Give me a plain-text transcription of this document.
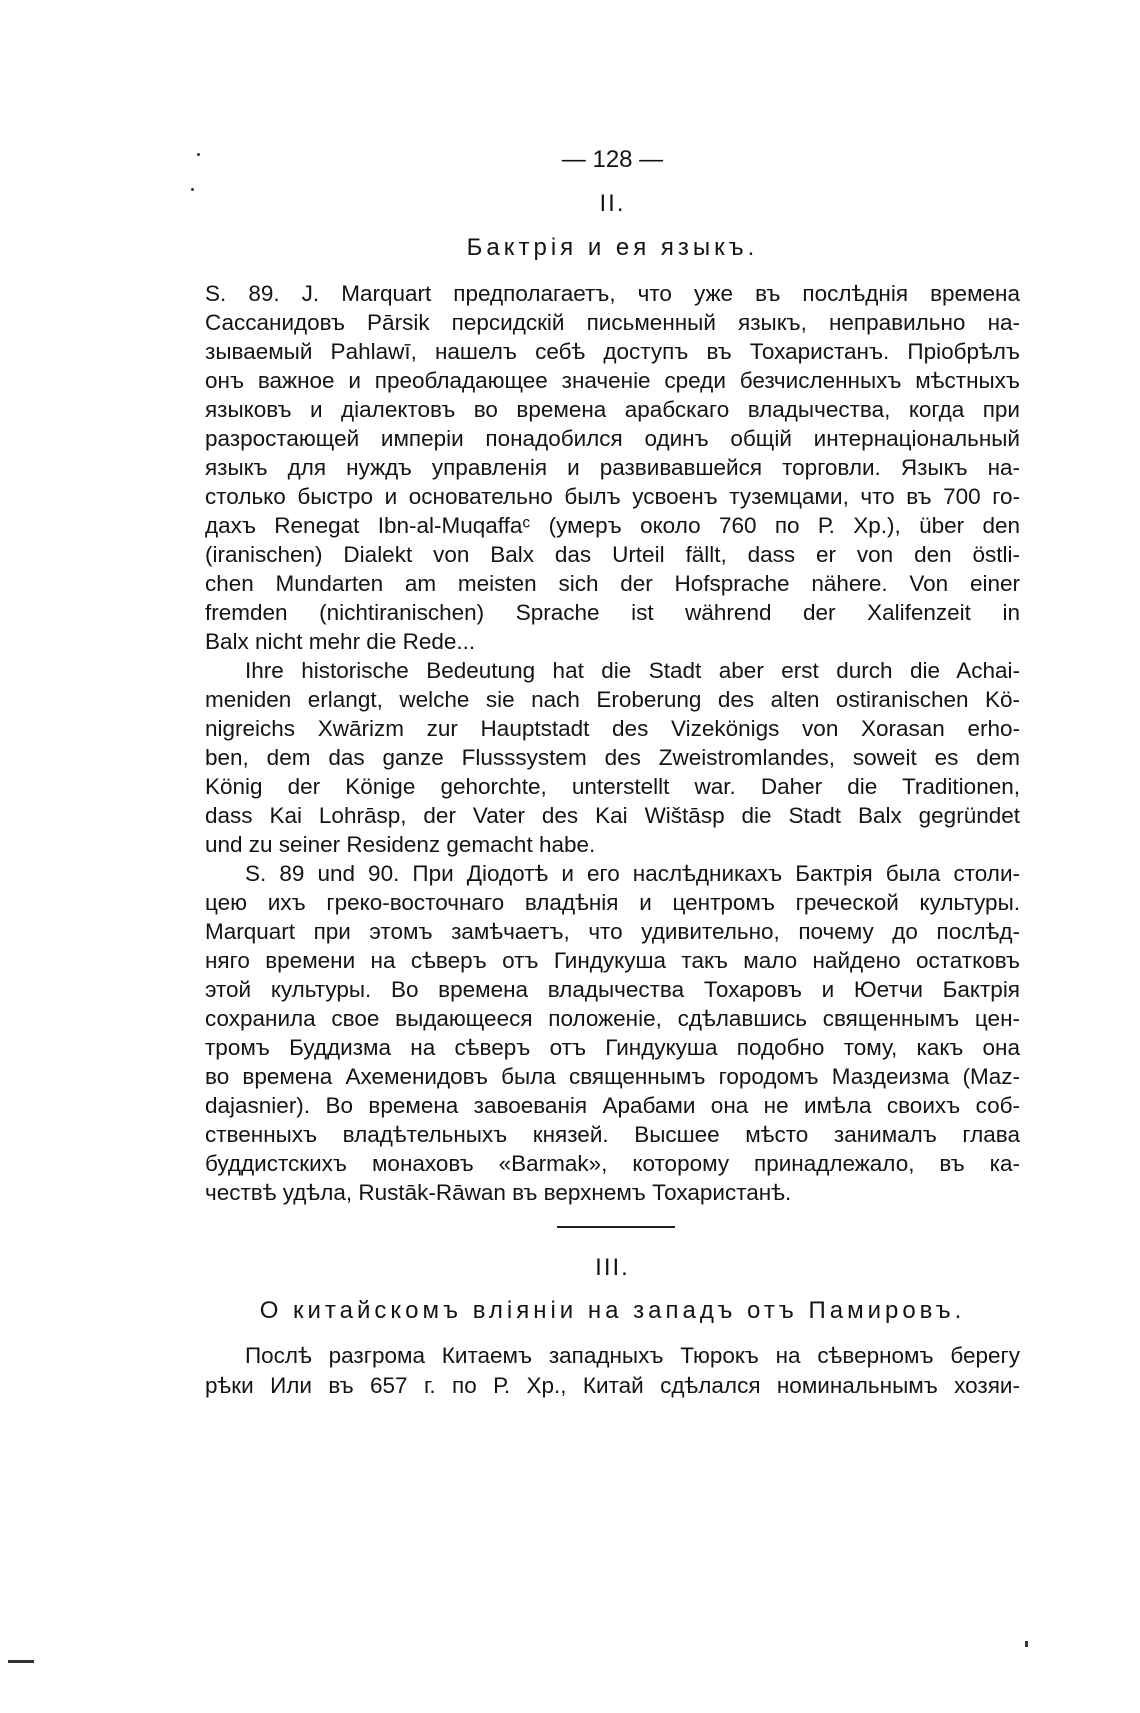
— 128 —
II.
Бактрія и ея языкъ.
S. 89. J. Marquart предполагаетъ, что уже въ послѣднія времена
Сассанидовъ Pārsik персидскій письменный языкъ, неправильно на-
зываемый Pahlawī, нашелъ себѣ доступъ въ Тохаристанъ. Пріобрѣлъ
онъ важное и преобладающее значеніе среди безчисленныхъ мѣстныхъ
языковъ и діалектовъ во времена арабскаго владычества, когда при
разростающей имперіи понадобился одинъ общій интернаціональный
языкъ для нуждъ управленія и развивавшейся торговли. Языкъ на-
столько быстро и основательно былъ усвоенъ туземцами, что въ 700 го-
дахъ Renegat Ibn-al-Muqaffaᶜ (умеръ около 760 по Р. Хр.), über den
(iranischen) Dialekt von Balx das Urteil fällt, dass er von den östli-
chen Mundarten am meisten sich der Hofsprache nähere. Von einer
fremden (nichtiranischen) Sprache ist während der Xalifenzeit in
Balx nicht mehr die Rede...
Ihre historische Bedeutung hat die Stadt aber erst durch die Achai-
meniden erlangt, welche sie nach Eroberung des alten ostiranischen Kö-
nigreichs Xwārizm zur Hauptstadt des Vizekönigs von Xorasan erho-
ben, dem das ganze Flusssystem des Zweistromlandes, soweit es dem
König der Könige gehorchte, unterstellt war. Daher die Traditionen,
dass Kai Lohrāsp, der Vater des Kai Wištāsp die Stadt Balx gegründet
und zu seiner Residenz gemacht habe.
S. 89 und 90. При Діодотѣ и его наслѣдникахъ Бактрія была столи-
цею ихъ греко-восточнаго владѣнія и центромъ греческой культуры.
Marquart при этомъ замѣчаетъ, что удивительно, почему до послѣд-
няго времени на сѣверъ отъ Гиндукуша такъ мало найдено остатковъ
этой культуры. Во времена владычества Тохаровъ и Юетчи Бактрія
сохранила свое выдающееся положеніе, сдѣлавшись священнымъ цен-
тромъ Буддизма на сѣверъ отъ Гиндукуша подобно тому, какъ она
во времена Ахеменидовъ была священнымъ городомъ Маздеизма (Maz-
dajasnier). Во времена завоеванія Арабами она не имѣла своихъ соб-
ственныхъ владѣтельныхъ князей. Высшее мѣсто занималъ глава
буддистскихъ монаховъ «Barmak», которому принадлежало, въ ка-
чествѣ удѣла, Rustāk-Rāwan въ верхнемъ Тохаристанѣ.
III.
О китайскомъ вліяніи на западъ отъ Памировъ.
Послѣ разгрома Китаемъ западныхъ Тюрокъ на сѣверномъ берегу
рѣки Или въ 657 г. по Р. Хр., Китай сдѣлался номинальнымъ хозяи-
